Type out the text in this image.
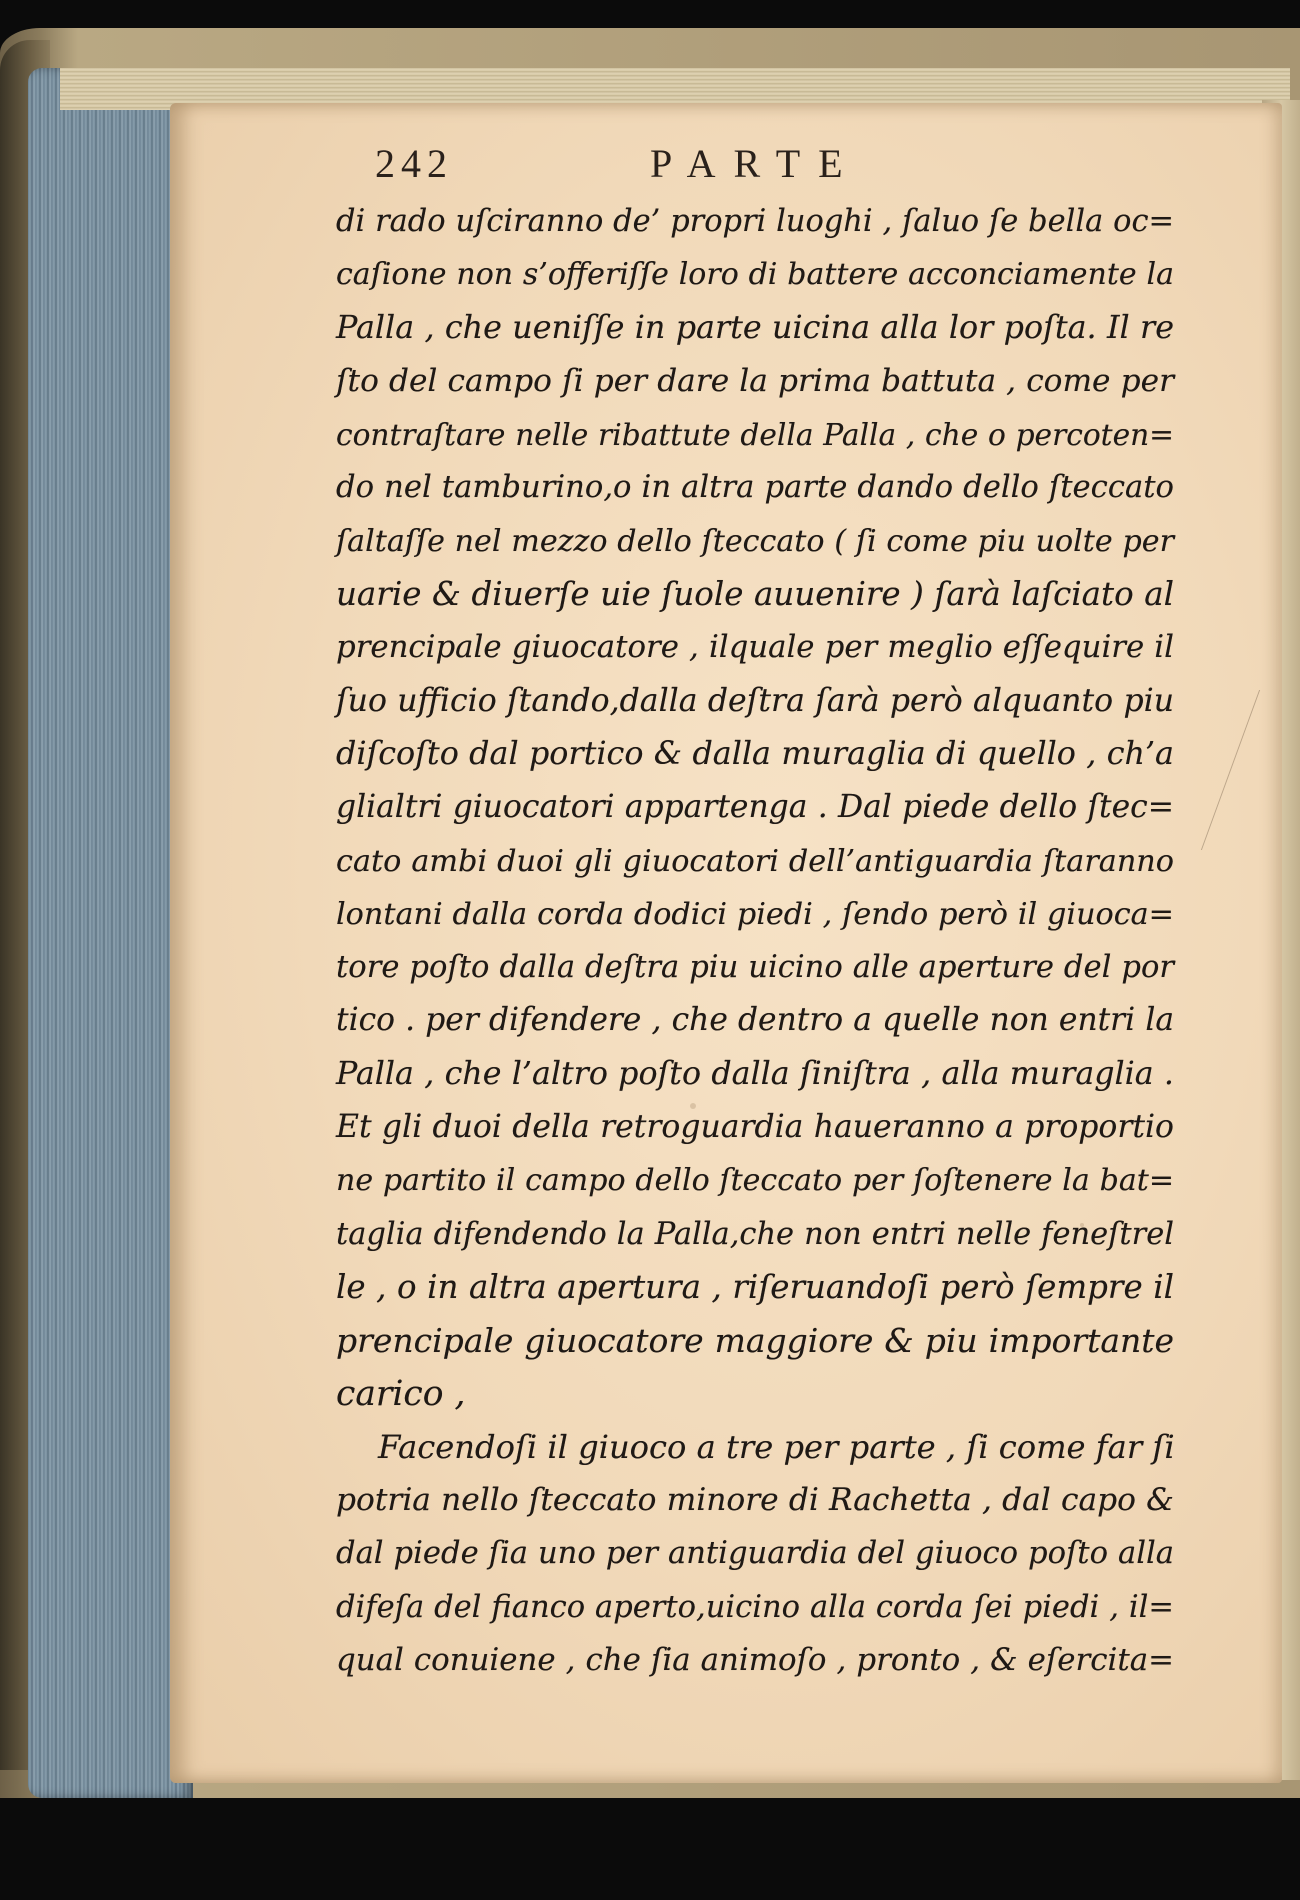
242	PARTE
di rado uſciranno de’ propri luoghi , ſaluo ſe bella oc=
caſione non s’offeriſſe loro di battere acconciamente la
Palla , che ueniſſe in parte uicina alla lor poſta. Il re
ſto del campo ſi per dare la prima battuta , come per
contraſtare nelle ribattute della Palla , che o percoten=
do nel tamburino,o in altra parte dando dello ſteccato
ſaltaſſe nel mezzo dello ſteccato ( ſi come piu uolte per
uarie & diuerſe uie ſuole auuenire ) ſarà laſciato al
prencipale giuocatore , ilquale per meglio eſſequire il
ſuo ufficio ſtando,dalla deſtra ſarà però alquanto piu
diſcoſto dal portico & dalla muraglia di quello , ch’a
glialtri giuocatori appartenga . Dal piede dello ſtec=
cato ambi duoi gli giuocatori dell’antiguardia ſtaranno
lontani dalla corda dodici piedi , ſendo però il giuoca=
tore poſto dalla deſtra piu uicino alle aperture del por
tico . per difendere , che dentro a quelle non entri la
Palla , che l’altro poſto dalla ſiniſtra , alla muraglia .
Et gli duoi della retroguardia haueranno a proportio
ne partito il campo dello ſteccato per ſoſtenere la bat=
taglia difendendo la Palla,che non entri nelle feneſtrel
le , o in altra apertura , riſeruandoſi però ſempre il
prencipale giuocatore maggiore & piu importante
carico ,
Facendoſi il giuoco a tre per parte , ſi come far ſi
potria nello ſteccato minore di Rachetta , dal capo &
dal piede ſia uno per antiguardia del giuoco poſto alla
difeſa del fianco aperto,uicino alla corda ſei piedi , il=
qual conuiene , che ſia animoſo , pronto , & eſercita=
